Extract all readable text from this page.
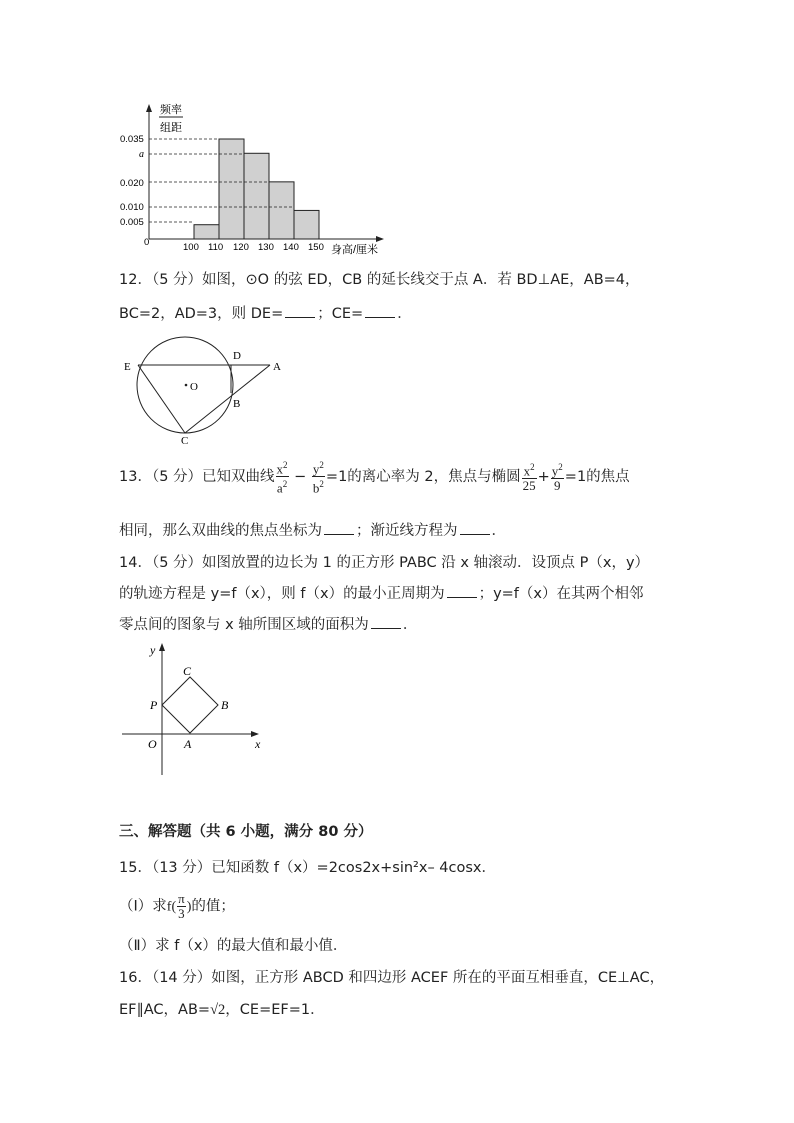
频率
组距
0.035
a
0.020
0.010
0.005
0	100 110 120 130 140 150 身高/厘米
12．（5 分）如图，⊙O 的弦 ED，CB 的延长线交于点 A．若 BD⊥AE，AB=4，
BC=2，AD=3，则 DE= ；CE= ．
E
D
A
O
B
C
13．（5 分）已知双曲线 $\frac{x^2}{a^2} - \frac{y^2}{b^2} =1$的离心率为 2，焦点与椭圆 $\frac{x^2}{25} + \frac{y^2}{9} =1$的焦点
相同，那么双曲线的焦点坐标为 ；渐近线方程为 ．
14．（5 分）如图放置的边长为 1 的正方形 PABC 沿 x 轴滚动．设顶点 P（x，y）
的轨迹方程是 y=f（x），则 f（x）的最小正周期为 ；y=f（x）在其两个相邻
零点间的图象与 x 轴所围区域的面积为 ．
y
x
O A
C
P	B
三、解答题（共 6 小题，满分 80 分）
15．（13 分）已知函数 f（x）=2cos2x+sin²x– 4cosx．
（Ⅰ）求$f( \frac{\pi}{3}$ )的值；
（Ⅱ）求 f（x）的最大值和最小值．
16．（14 分）如图，正方形 ABCD 和四边形 ACEF 所在的平面互相垂直，CE⊥AC，
EF∥AC，AB=√2，CE=EF=1．
